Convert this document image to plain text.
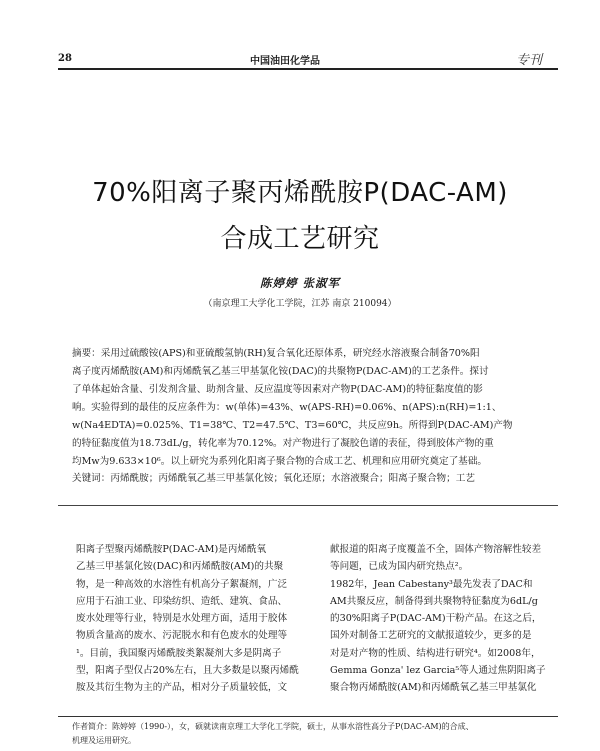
28	中国油田化学品	专刊
70%阳离子聚丙烯酰胺P(DAC-AM)
合成工艺研究
陈婷婷 张淑军
（南京理工大学化工学院，江苏 南京 210094）
摘要：采用过硫酸铵(APS)和亚硫酸氢钠(RH)复合氧化还原体系，研究经水溶液聚合制备70%阳
离子度丙烯酰胺(AM)和丙烯酰氧乙基三甲基氯化铵(DAC)的共聚物P(DAC-AM)的工艺条件。探讨
了单体起始含量、引发剂含量、助剂含量、反应温度等因素对产物P(DAC-AM)的特征黏度值的影
响。实验得到的最佳的反应条件为：w(单体)=43%、w(APS-RH)=0.06%、n(APS):n(RH)=1:1、
w(Na4EDTA)=0.025%、T1=38℃、T2=47.5℃、T3=60℃，共反应9h。所得到P(DAC-AM)产物
的特征黏度值为18.73dL/g，转化率为70.12%。对产物进行了凝胶色谱的表征，得到胶体产物的重
均Mw为9.633×10⁶。以上研究为系列化阳离子聚合物的合成工艺、机理和应用研究奠定了基础。
关键词：丙烯酰胺；丙烯酰氧乙基三甲基氯化铵；氧化还原；水溶液聚合；阳离子聚合物；工艺
阳离子型聚丙烯酰胺P(DAC-AM)是丙烯酰氧
乙基三甲基氯化铵(DAC)和丙烯酰胺(AM)的共聚
物，是一种高效的水溶性有机高分子絮凝剂，广泛
应用于石油工业、印染纺织、造纸、建筑、食品、
废水处理等行业，特别是水处理方面，适用于胶体
物质含量高的废水、污泥脱水和有色废水的处理等
¹。目前，我国聚丙烯酰胺类絮凝剂大多是阴离子
型，阳离子型仅占20%左右，且大多数是以聚丙烯酰
胺及其衍生物为主的产品，相对分子质量较低，文
献报道的阳离子度覆盖不全，固体产物溶解性较差
等问题，已成为国内研究热点²。
1982年，Jean Cabestany³最先发表了DAC和
AM共聚反应，制备得到共聚物特征黏度为6dL/g
的30%阳离子P(DAC-AM)干粉产品。在这之后，
国外对制备工艺研究的文献报道较少，更多的是
对是对产物的性质、结构进行研究⁴。如2008年，
Gemma Gonza' lez Garcia⁵等人通过焦阴阳离子
聚合物丙烯酰胺(AM)和丙烯酰氧乙基三甲基氯化
作者简介：陈婷婷（1990-），女，硕就读南京理工大学化工学院，硕士，从事水溶性高分子P(DAC-AM)的合成、
机理及运用研究。
